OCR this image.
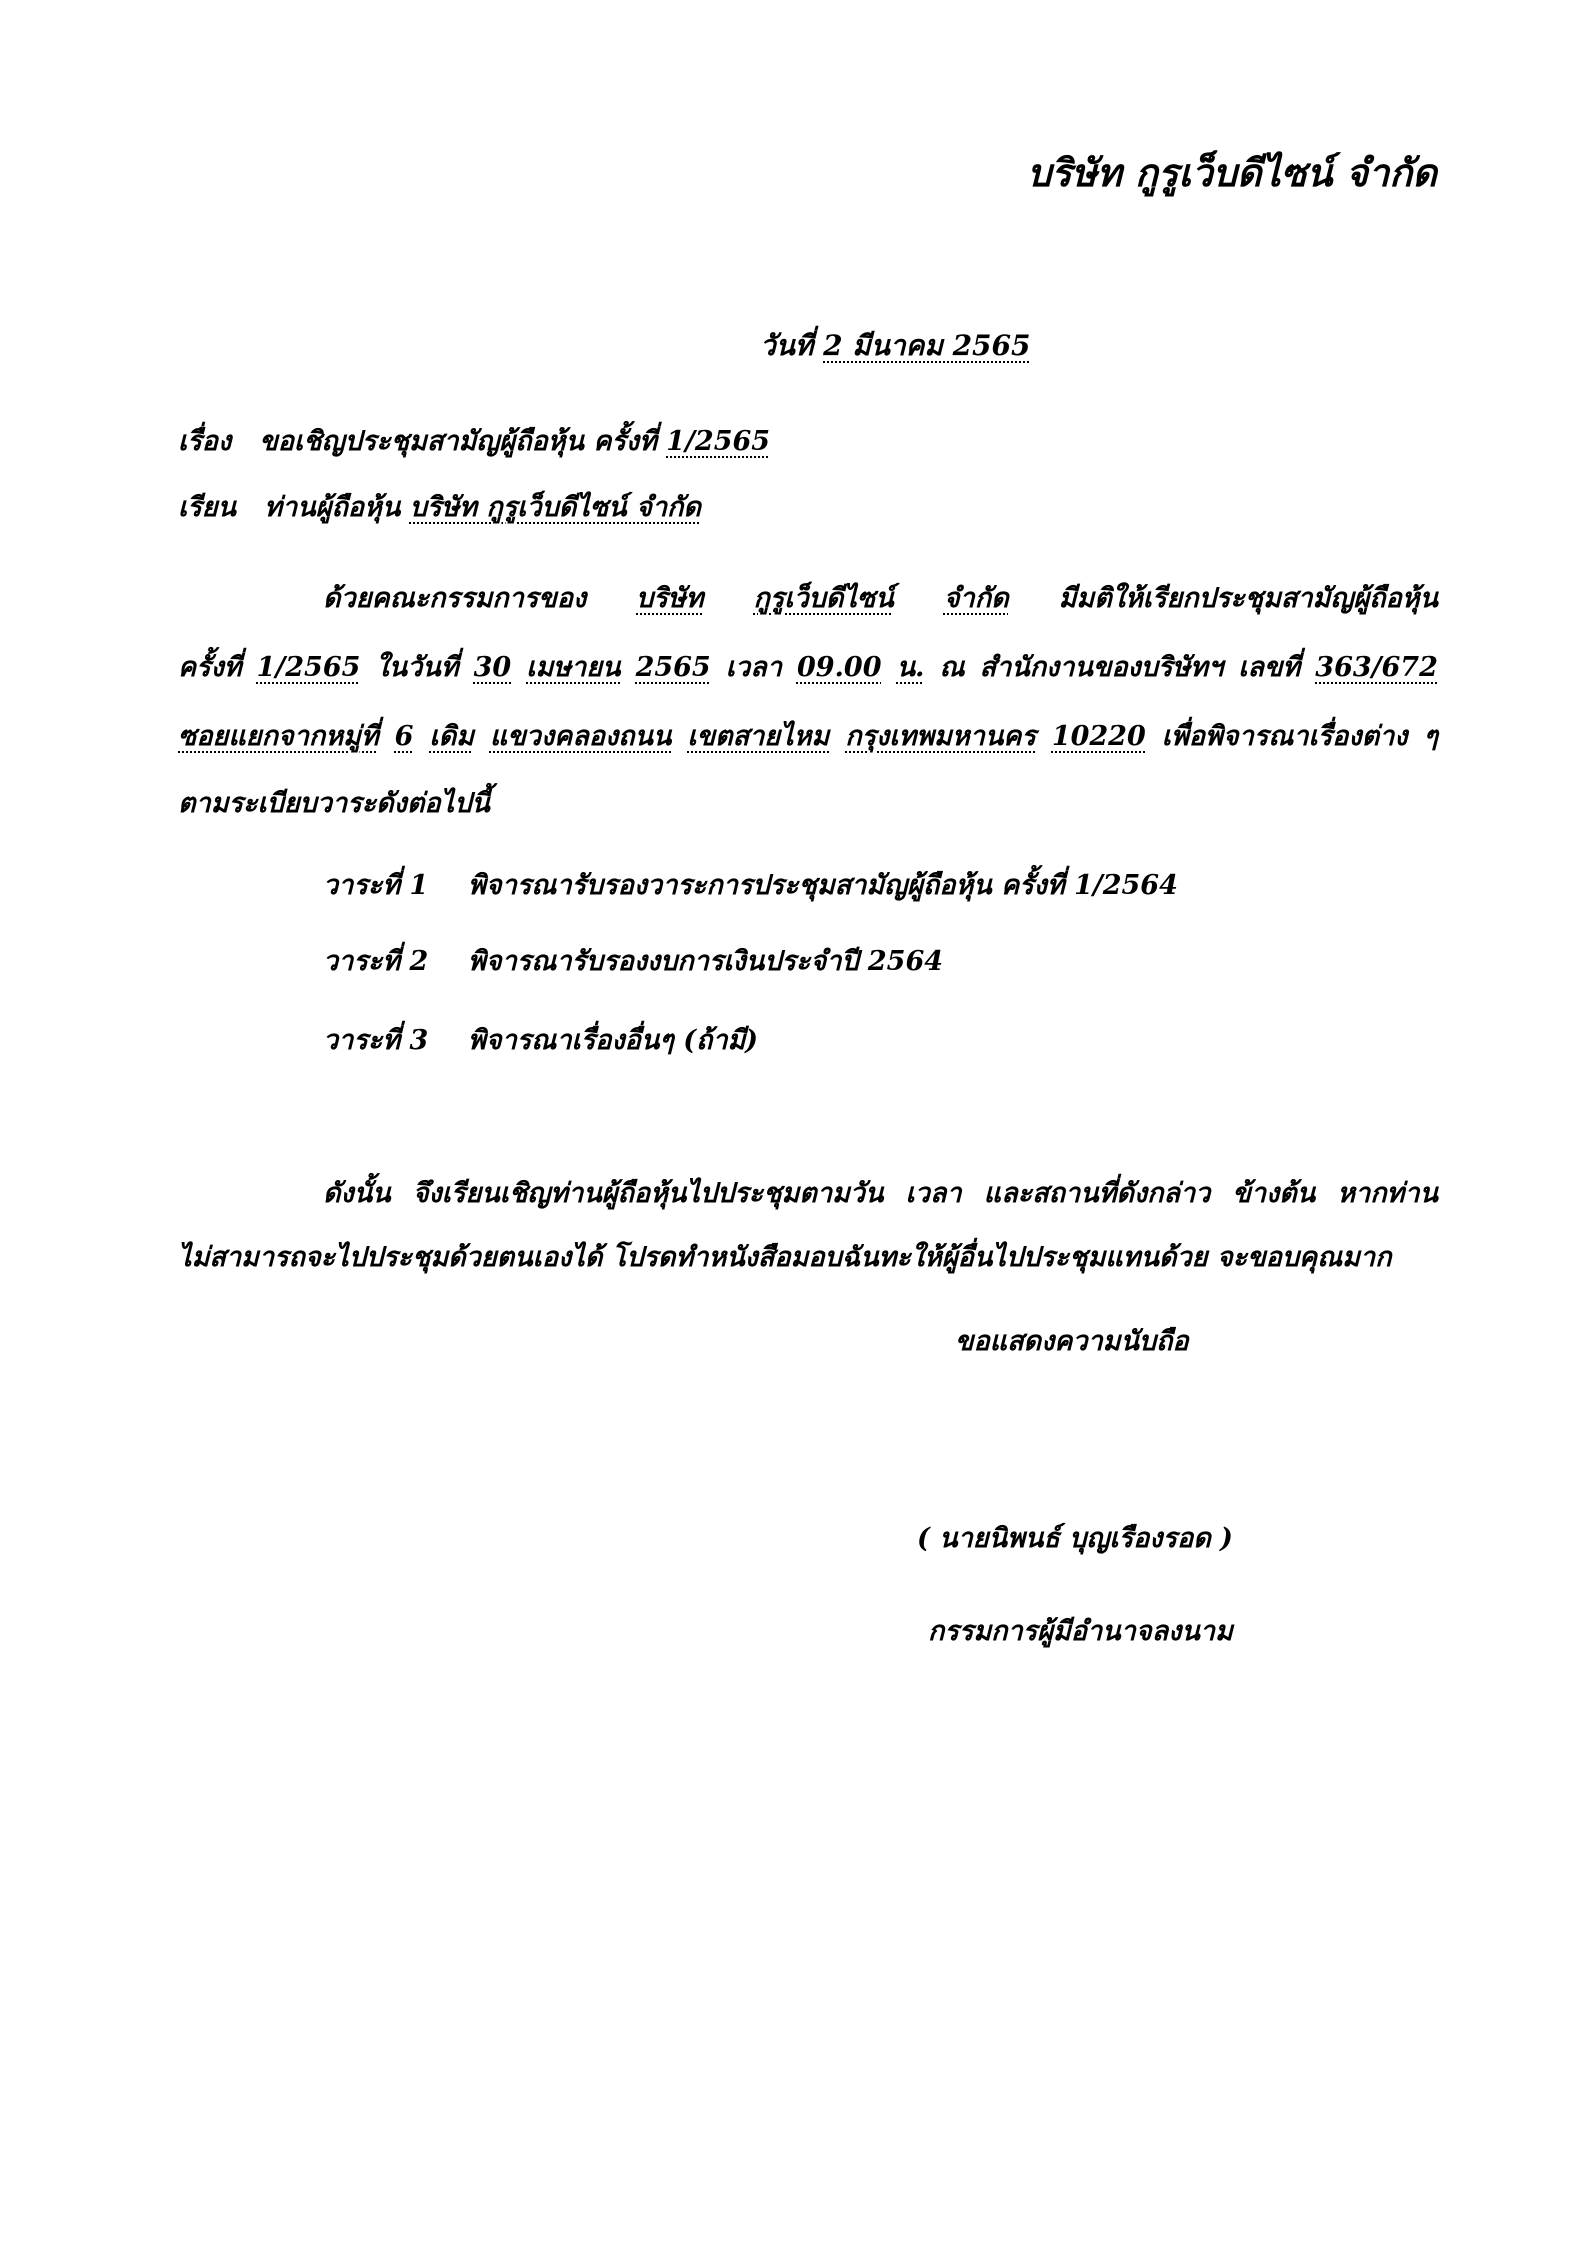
บริษัท กูรูเว็บดีไซน์ จำกัด
วันที่ 2 มีนาคม 2565
เรื่อง ขอเชิญประชุมสามัญผู้ถือหุ้น ครั้งที่ 1/2565
เรียน ท่านผู้ถือหุ้น บริษัท กูรูเว็บดีไซน์ จำกัด
ด้วยคณะกรรมการของ บริษัท กูรูเว็บดีไซน์ จำกัด มีมติให้เรียกประชุมสามัญผู้ถือหุ้น
ครั้งที่ 1/2565 ในวันที่ 30 เมษายน 2565 เวลา 09.00 น. ณ สำนักงานของบริษัทฯ เลขที่ 363/672
ซอยแยกจากหมู่ที่ 6 เดิม แขวงคลองถนน เขตสายไหม กรุงเทพมหานคร 10220 เพื่อพิจารณาเรื่องต่าง ๆ
ตามระเบียบวาระดังต่อไปนี้
วาระที่ 1 พิจารณารับรองวาระการประชุมสามัญผู้ถือหุ้น ครั้งที่ 1/2564
วาระที่ 2 พิจารณารับรองงบการเงินประจำปี 2564
วาระที่ 3 พิจารณาเรื่องอื่นๆ (ถ้ามี)
ดังนั้น จึงเรียนเชิญท่านผู้ถือหุ้นไปประชุมตามวัน เวลา และสถานที่ดังกล่าว ข้างต้น หากท่าน
ไม่สามารถจะไปประชุมด้วยตนเองได้ โปรดทำหนังสือมอบฉันทะให้ผู้อื่นไปประชุมแทนด้วย จะขอบคุณมาก
ขอแสดงความนับถือ
( นายนิพนธ์ บุญเรืองรอด )
กรรมการผู้มีอำนาจลงนาม
